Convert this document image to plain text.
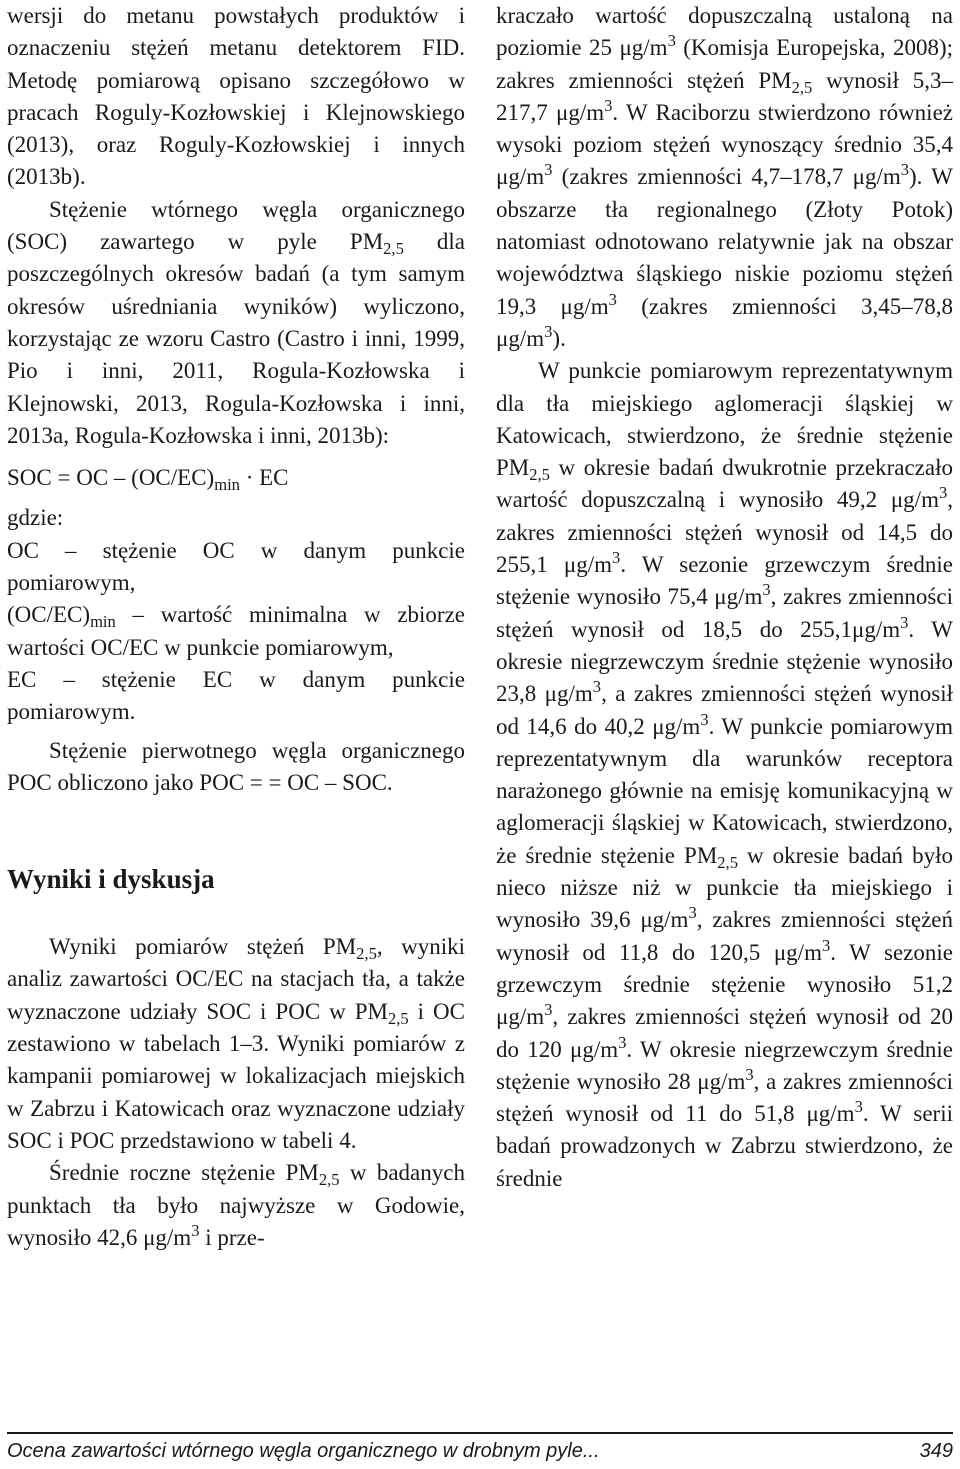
wersji do metanu powstałych produktów i oznaczeniu stężeń metanu detektorem FID. Metodę pomiarową opisano szczegółowo w pracach Roguly-Kozłowskiej i Klejnowskiego (2013), oraz Roguly-Kozłowskiej i innych (2013b).

Stężenie wtórnego węgla organicznego (SOC) zawartego w pyle $PM_{2,5}$ dla poszczególnych okresów badań (a tym samym okresów uśredniania wyników) wyliczono, korzystając ze wzoru Castro (Castro i inni, 1999, Pio i inni, 2011, Rogula-Kozłowska i Klejnowski, 2013, Rogula-Kozłowska i inni, 2013a, Rogula-Kozłowska i inni, 2013b):

SOC = OC – $(OC/EC)_{min}$ · EC

gdzie:

OC – stężenie OC w danym punkcie pomiarowym,

$(OC/EC)_{min}$ – wartość minimalna w zbiorze wartości OC/EC w punkcie pomiarowym,

EC – stężenie EC w danym punkcie pomiarowym.

Stężenie pierwotnego węgla organicznego POC obliczono jako POC = = OC – SOC.

Wyniki i dyskusja

Wyniki pomiarów stężeń $PM_{2,5}$, wyniki analiz zawartości OC/EC na stacjach tła, a także wyznaczone udziały SOC i POC w $PM_{2,5}$ i OC zestawiono w tabelach 1–3. Wyniki pomiarów z kampanii pomiarowej w lokalizacjach miejskich w Zabrzu i Katowicach oraz wyznaczone udziały SOC i POC przedstawiono w tabeli 4.

Średnie roczne stężenie $PM_{2,5}$ w badanych punktach tła było najwyższe w Godowie, wynosiło 42,6 $\mu g/m^3$ i prze-

kraczało wartość dopuszczalną ustaloną na poziomie 25 $\mu g/m^3$ (Komisja Europejska, 2008); zakres zmienności stężeń $PM_{2,5}$ wynosił 5,3–217,7 $\mu g/m^3$. W Raciborzu stwierdzono również wysoki poziom stężeń wynoszący średnio 35,4 $\mu g/m^3$ (zakres zmienności 4,7–178,7 $\mu g/m^3$). W obszarze tła regionalnego (Złoty Potok) natomiast odnotowano relatywnie jak na obszar województwa śląskiego niskie poziomu stężeń 19,3 $\mu g/m^3$ (zakres zmienności 3,45–78,8 $\mu g/m^3$).

W punkcie pomiarowym reprezentatywnym dla tła miejskiego aglomeracji śląskiej w Katowicach, stwierdzono, że średnie stężenie $PM_{2,5}$ w okresie badań dwukrotnie przekraczało wartość dopuszczalną i wynosiło 49,2 $\mu g/m^3$, zakres zmienności stężeń wynosił od 14,5 do 255,1 $\mu g/m^3$. W sezonie grzewczym średnie stężenie wynosiło 75,4 $\mu g/m^3$, zakres zmienności stężeń wynosił od 18,5 do $255,1\mu g/m^3$. W okresie niegrzewczym średnie stężenie wynosiło 23,8 $\mu g/m^3$, a zakres zmienności stężeń wynosił od 14,6 do 40,2 $\mu g/m^3$. W punkcie pomiarowym reprezentatywnym dla warunków receptora narażonego głównie na emisję komunikacyjną w aglomeracji śląskiej w Katowicach, stwierdzono, że średnie stężenie $PM_{2,5}$ w okresie badań było nieco niższe niż w punkcie tła miejskiego i wynosiło 39,6 $\mu g/m^3$, zakres zmienności stężeń wynosił od 11,8 do 120,5 $\mu g/m^3$. W sezonie grzewczym średnie stężenie wynosiło 51,2 $\mu g/m^3$, zakres zmienności stężeń wynosił od 20 do 120 $\mu g/m^3$. W okresie niegrzewczym średnie stężenie wynosiło 28 $\mu g/m^3$, a zakres zmienności stężeń wynosił od 11 do 51,8 $\mu g/m^3$. W serii badań prowadzonych w Zabrzu stwierdzono, że średnie

Ocena zawartości wtórnego węgla organicznego w drobnym pyle...	349
